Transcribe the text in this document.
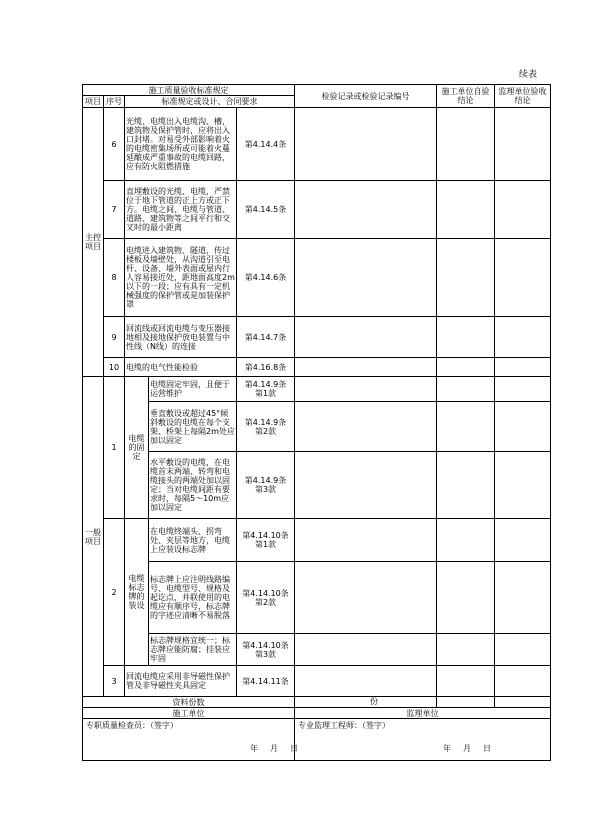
续表
施工质量验收标准规定					检验记录或检验记录编号	施工单位自验结论	监理单位验收结论
项目	序号	标准规定或设计、合同要求					
主控项目	6	光缆、电缆出入电缆沟、槽，建筑物及保护管时，应将出入口封堵。对易受外部影响着火的电缆密集场所或可能着火蔓延酿成严重事故的电缆回路，应有防火阻燃措施		第4.14.4条			
	7	直埋敷设的光缆、电缆，严禁位于地下管道的正上方或正下方。电缆之间、电缆与管道、道路、建筑物等之间平行和交叉时的最小距离		第4.14.5条			
	8	电缆进入建筑物、隧道，传过楼板及墙壁处，从沟道引至电杆、设备、墙外表面或屋内行人容易接近处，距地面高度2m以下的一段；应有具有一定机械强度的保护管或是加装保护罩		第4.14.6条			
	9	回流线或回流电缆与变压器接地相及接地保护放电装置与中性线（N线）的连接		第4.14.7条			
	10	电缆的电气性能检验		第4.16.8条			
一般项目	1	电缆的固定	电缆固定牢固，且便于运营维护	第4.14.9条
第1款			

			垂直敷设或超过45°倾斜敷设的电缆在每个支架、桥架上每隔2m处应加以固定	第4.14.9条
第2款			

			水平敷设的电缆，在电缆首末两端、转弯和电缆接头的两端处加以固定；当对电缆间距有要求时，每隔5～10m应加以固定	第4.14.9条
第3款			

	2	电缆标志牌的装设	在电缆终端头、拐弯处、夹层等地方，电缆上应装设标志牌	第4.14.10条
第1款			

			标志牌上应注明线路编号、电缆型号、规格及起讫点，并联使用的电缆应有顺序号，标志牌的字迹应清晰不易脱落	第4.14.10条
第2款			

			标志牌规格宜统一；标志牌应能防腐；挂装应牢固	第4.14.10条
第3款			

	3	回流电缆应采用非导磁性保护管及非导磁性夹具固定		第4.14.11条			
资料份数					份		

施工单位					监理单位		

专职质量检查员：（签字）
年 月 日					专业监理工程师：（签字）
年 月 日		
